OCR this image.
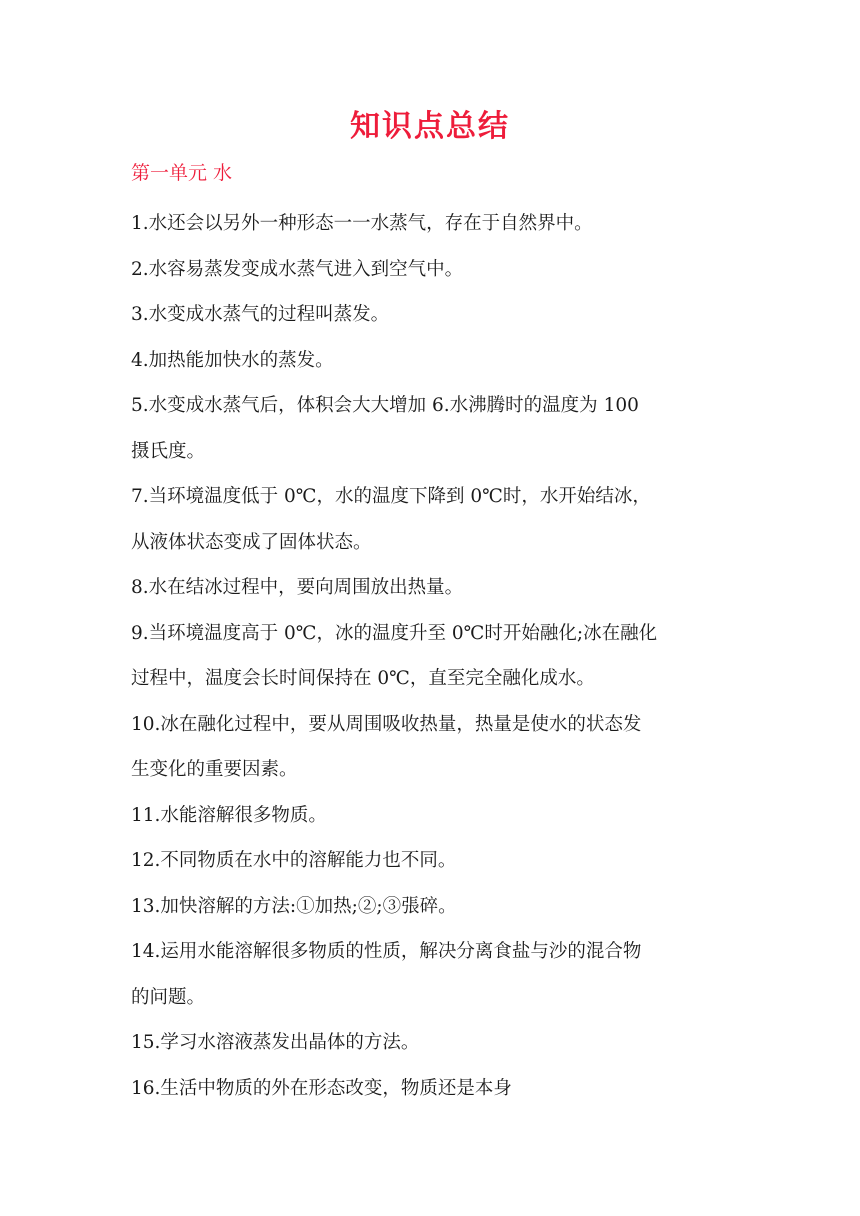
知识点总结
第一单元 水

1.水还会以另外一种形态一一水蒸气，存在于自然界中。

2.水容易蒸发变成水蒸气进入到空气中。

3.水变成水蒸气的过程叫蒸发。

4.加热能加快水的蒸发。

5.水变成水蒸气后，体积会大大增加 6.水沸腾时的温度为 100
摄氏度。

7.当环境温度低于 0℃，水的温度下降到 0℃时，水开始结冰，
从液体状态变成了固体状态。

8.水在结冰过程中，要向周围放出热量。

9.当环境温度高于 0℃，冰的温度升至 0℃时开始融化;冰在融化
过程中，温度会长时间保持在 0℃，直至完全融化成水。

10.冰在融化过程中，要从周围吸收热量，热量是使水的状态发
生变化的重要因素。

11.水能溶解很多物质。

12.不同物质在水中的溶解能力也不同。

13.加快溶解的方法:①加热;②;③張碎。

14.运用水能溶解很多物质的性质，解决分离食盐与沙的混合物
的问题。

15.学习水溶液蒸发出晶体的方法。

16.生活中物质的外在形态改变，物质还是本身
